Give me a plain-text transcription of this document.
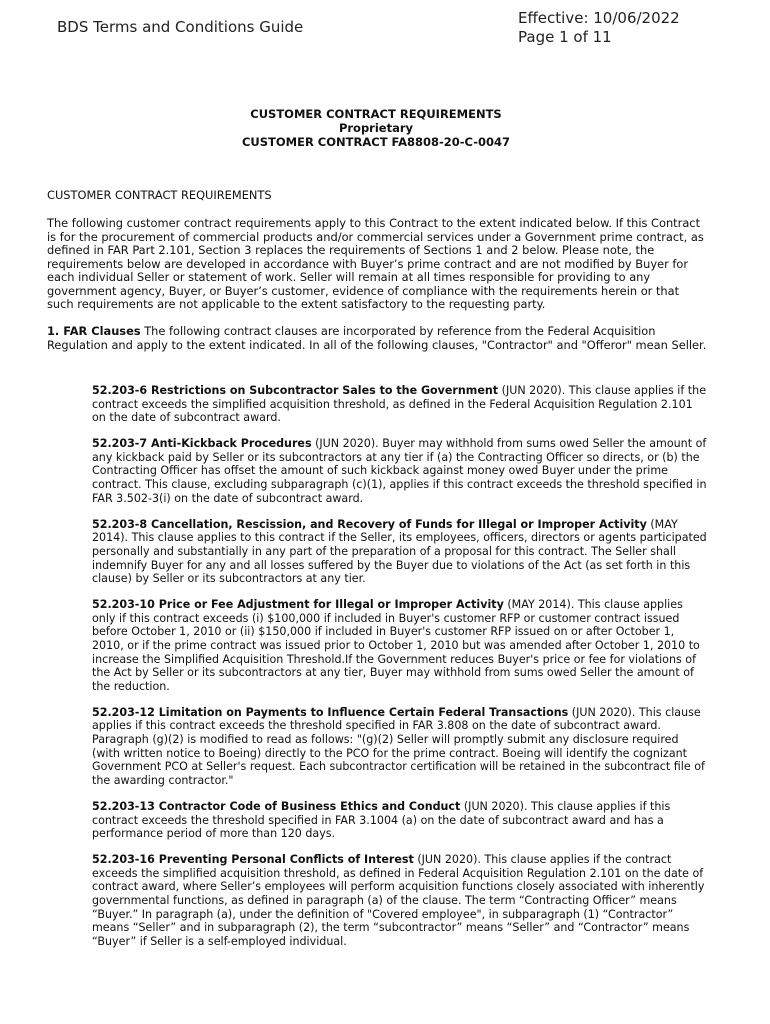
BDS Terms and Conditions Guide	Effective: 10/06/2022
Page 1 of 11
CUSTOMER CONTRACT REQUIREMENTS
Proprietary
CUSTOMER CONTRACT FA8808-20-C-0047
CUSTOMER CONTRACT REQUIREMENTS

The following customer contract requirements apply to this Contract to the extent indicated below. If this Contract is for the procurement of commercial products and/or commercial services under a Government prime contract, as defined in FAR Part 2.101, Section 3 replaces the requirements of Sections 1 and 2 below. Please note, the requirements below are developed in accordance with Buyer’s prime contract and are not modified by Buyer for each individual Seller or statement of work. Seller will remain at all times responsible for providing to any government agency, Buyer, or Buyer’s customer, evidence of compliance with the requirements herein or that such requirements are not applicable to the extent satisfactory to the requesting party.

1. FAR Clauses The following contract clauses are incorporated by reference from the Federal Acquisition Regulation and apply to the extent indicated. In all of the following clauses, "Contractor" and "Offeror" mean Seller.

52.203-6 Restrictions on Subcontractor Sales to the Government (JUN 2020). This clause applies if the contract exceeds the simplified acquisition threshold, as defined in the Federal Acquisition Regulation 2.101 on the date of subcontract award.

52.203-7 Anti-Kickback Procedures (JUN 2020). Buyer may withhold from sums owed Seller the amount of any kickback paid by Seller or its subcontractors at any tier if (a) the Contracting Officer so directs, or (b) the Contracting Officer has offset the amount of such kickback against money owed Buyer under the prime contract. This clause, excluding subparagraph (c)(1), applies if this contract exceeds the threshold specified in FAR 3.502-3(i) on the date of subcontract award.

52.203-8 Cancellation, Rescission, and Recovery of Funds for Illegal or Improper Activity (MAY 2014). This clause applies to this contract if the Seller, its employees, officers, directors or agents participated personally and substantially in any part of the preparation of a proposal for this contract. The Seller shall indemnify Buyer for any and all losses suffered by the Buyer due to violations of the Act (as set forth in this clause) by Seller or its subcontractors at any tier.

52.203-10 Price or Fee Adjustment for Illegal or Improper Activity (MAY 2014). This clause applies only if this contract exceeds (i) $100,000 if included in Buyer's customer RFP or customer contract issued before October 1, 2010 or (ii) $150,000 if included in Buyer's customer RFP issued on or after October 1, 2010, or if the prime contract was issued prior to October 1, 2010 but was amended after October 1, 2010 to increase the Simplified Acquisition Threshold.If the Government reduces Buyer's price or fee for violations of the Act by Seller or its subcontractors at any tier, Buyer may withhold from sums owed Seller the amount of the reduction.

52.203-12 Limitation on Payments to Influence Certain Federal Transactions (JUN 2020). This clause applies if this contract exceeds the threshold specified in FAR 3.808 on the date of subcontract award. Paragraph (g)(2) is modified to read as follows: "(g)(2) Seller will promptly submit any disclosure required (with written notice to Boeing) directly to the PCO for the prime contract. Boeing will identify the cognizant Government PCO at Seller's request. Each subcontractor certification will be retained in the subcontract file of the awarding contractor."

52.203-13 Contractor Code of Business Ethics and Conduct (JUN 2020). This clause applies if this contract exceeds the threshold specified in FAR 3.1004 (a) on the date of subcontract award and has a performance period of more than 120 days.

52.203-16 Preventing Personal Conflicts of Interest (JUN 2020). This clause applies if the contract exceeds the simplified acquisition threshold, as defined in Federal Acquisition Regulation 2.101 on the date of contract award, where Seller’s employees will perform acquisition functions closely associated with inherently governmental functions, as defined in paragraph (a) of the clause. The term “Contracting Officer” means “Buyer.” In paragraph (a), under the definition of "Covered employee", in subparagraph (1) “Contractor” means “Seller” and in subparagraph (2), the term “subcontractor” means “Seller” and “Contractor” means “Buyer” if Seller is a self-employed individual.
